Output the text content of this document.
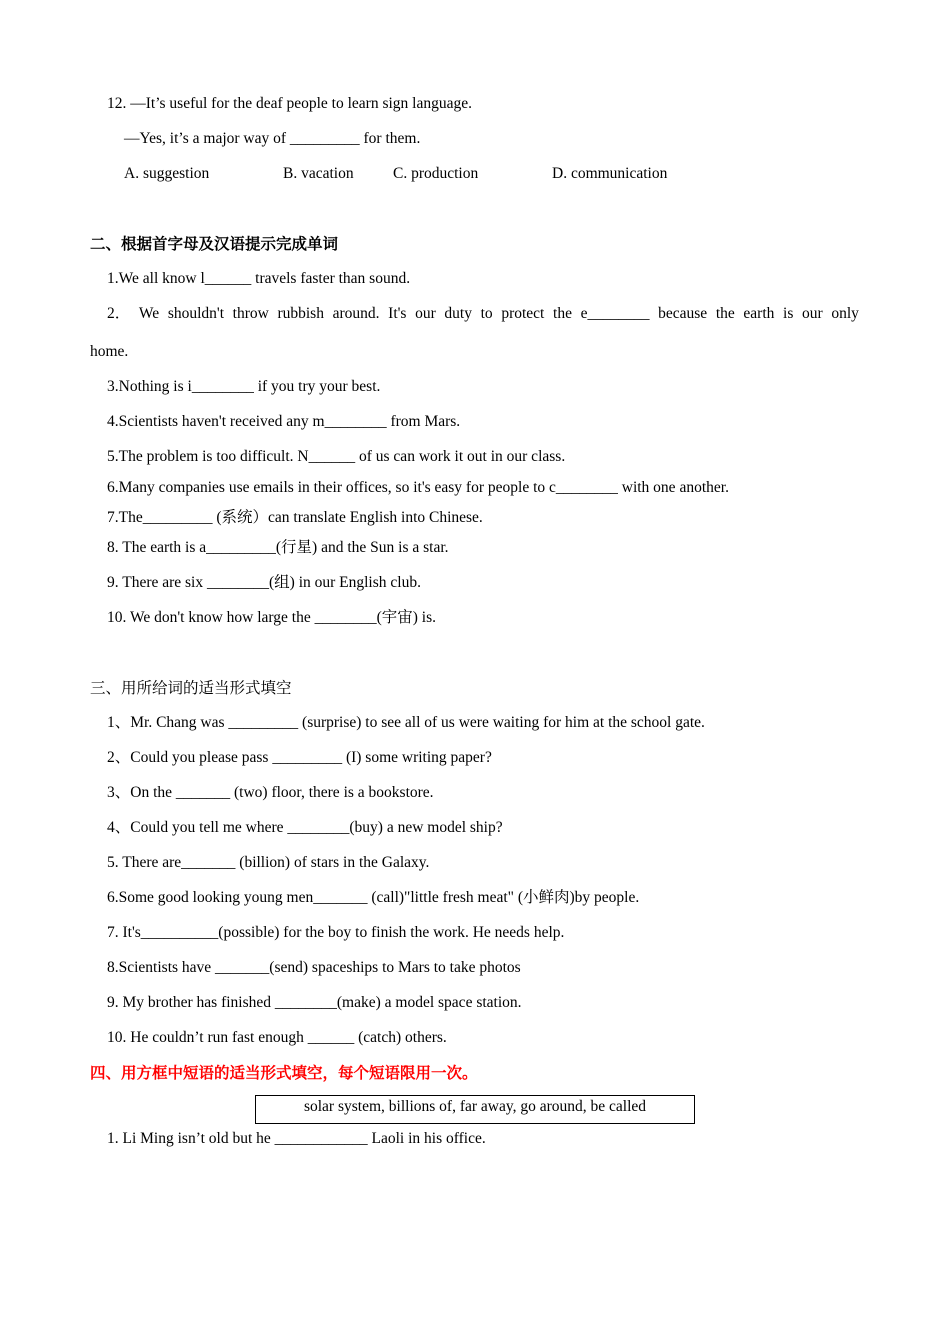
12. —It’s useful for the deaf people to learn sign language.
—Yes, it’s a major way of _________ for them.
A. suggestion	B. vacation	C. production	D. communication
二、根据首字母及汉语提示完成单词
1.We all know l______ travels faster than sound.
2． We shouldn't throw rubbish around. It's our duty to protect the e________ because the earth is our only
home.
3.Nothing is i________ if you try your best.
4.Scientists haven't received any m________ from Mars.
5.The problem is too difficult. N______ of us can work it out in our class.
6.Many companies use emails in their offices, so it's easy for people to c________ with one another.
7.The_________ (系统）can translate English into Chinese.
8. The earth is a_________(行星) and the Sun is a star.
9. There are six ________(组) in our English club.
10. We don't know how large the ________(宇宙) is.
三、用所给词的适当形式填空
1、Mr. Chang was _________ (surprise) to see all of us were waiting for him at the school gate.
2、Could you please pass _________ (I) some writing paper?
3、On the _______ (two) floor, there is a bookstore.
4、Could you tell me where ________(buy) a new model ship?
5. There are_______ (billion) of stars in the Galaxy.
6.Some good looking young men_______ (call)"little fresh meat" (小鲜肉)by people.
7. It's__________(possible) for the boy to finish the work. He needs help.
8.Scientists have _______(send) spaceships to Mars to take photos
9. My brother has finished ________(make) a model space station.
10. He couldn’t run fast enough ______ (catch) others.
四、用方框中短语的适当形式填空，每个短语限用一次。
solar system, billions of, far away, go around, be called
1. Li Ming isn’t old but he ____________ Laoli in his office.
